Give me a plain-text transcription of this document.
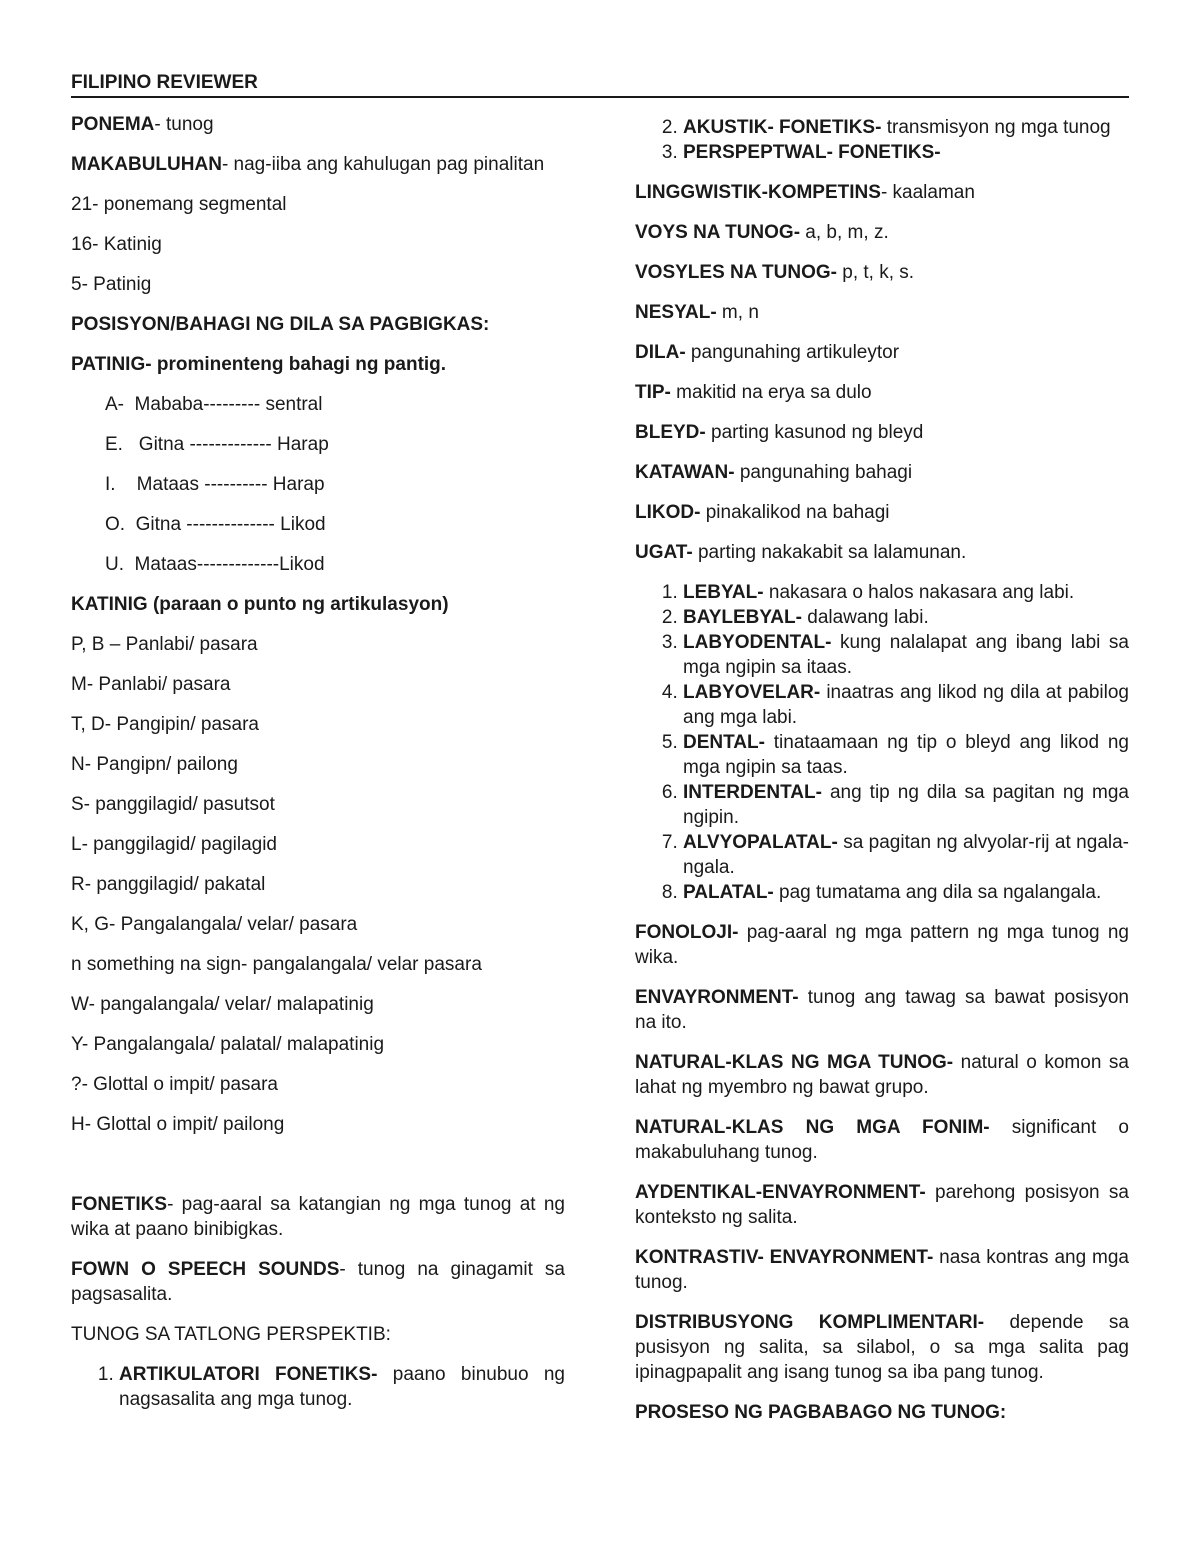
FILIPINO REVIEWER

PONEMA- tunog

MAKABULUHAN- nag-iiba ang kahulugan pag pinalitan

21- ponemang segmental

16- Katinig

5- Patinig

POSISYON/BAHAGI NG DILA SA PAGBIGKAS:

PATINIG- prominenteng bahagi ng pantig.

A-  Mababa--------- sentral
E.   Gitna ------------- Harap
I.    Mataas ---------- Harap
O.  Gitna -------------- Likod
U.  Mataas-------------Likod

KATINIG (paraan o punto ng artikulasyon)

P, B – Panlabi/ pasara

M- Panlabi/ pasara

T, D- Pangipin/ pasara

N- Pangipn/ pailong

S- panggilagid/ pasutsot

L- panggilagid/ pagilagid

R- panggilagid/ pakatal

K, G- Pangalangala/ velar/ pasara

n something na sign- pangalangala/ velar pasara

W- pangalangala/ velar/ malapatinig

Y- Pangalangala/ palatal/ malapatinig

?- Glottal o impit/ pasara

H- Glottal o impit/ pailong

FONETIKS- pag-aaral sa katangian ng mga tunog at ng wika at paano binibigkas.

FOWN O SPEECH SOUNDS- tunog na ginagamit sa pagsasalita.

TUNOG SA TATLONG PERSPEKTIB:

1. ARTIKULATORI FONETIKS- paano binubuo ng nagsasalita ang mga tunog.
2. AKUSTIK- FONETIKS- transmisyon ng mga tunog
3. PERSPEPTWAL- FONETIKS-

LINGGWISTIK-KOMPETINS- kaalaman

VOYS NA TUNOG- a, b, m, z.

VOSYLES NA TUNOG- p, t, k, s.

NESYAL- m, n

DILA- pangunahing artikuleytor

TIP- makitid na erya sa dulo

BLEYD- parting kasunod ng bleyd

KATAWAN- pangunahing bahagi

LIKOD- pinakalikod na bahagi

UGAT- parting nakakabit sa lalamunan.

1. LEBYAL- nakasara o halos nakasara ang labi.
2. BAYLEBYAL- dalawang labi.
3. LABYODENTAL- kung nalalapat ang ibang labi sa mga ngipin sa itaas.
4. LABYOVELAR- inaatras ang likod ng dila at pabilog ang mga labi.
5. DENTAL- tinataamaan ng tip o bleyd ang likod ng mga ngipin sa taas.
6. INTERDENTAL- ang tip ng dila sa pagitan ng mga ngipin.
7. ALVYOPALATAL- sa pagitan ng alvyolar-rij at ngala-ngala.
8. PALATAL- pag tumatama ang dila sa ngalangala.

FONOLOJI- pag-aaral ng mga pattern ng mga tunog ng wika.

ENVAYRONMENT- tunog ang tawag sa bawat posisyon na ito.

NATURAL-KLAS NG MGA TUNOG- natural o komon sa lahat ng myembro ng bawat grupo.

NATURAL-KLAS NG MGA FONIM- significant o makabuluhang tunog.

AYDENTIKAL-ENVAYRONMENT- parehong posisyon sa konteksto ng salita.

KONTRASTIV- ENVAYRONMENT- nasa kontras ang mga tunog.

DISTRIBUSYONG KOMPLIMENTARI- depende sa pusisyon ng salita, sa silabol, o sa mga salita pag ipinagpapalit ang isang tunog sa iba pang tunog.

PROSESO NG PAGBABAGO NG TUNOG:
